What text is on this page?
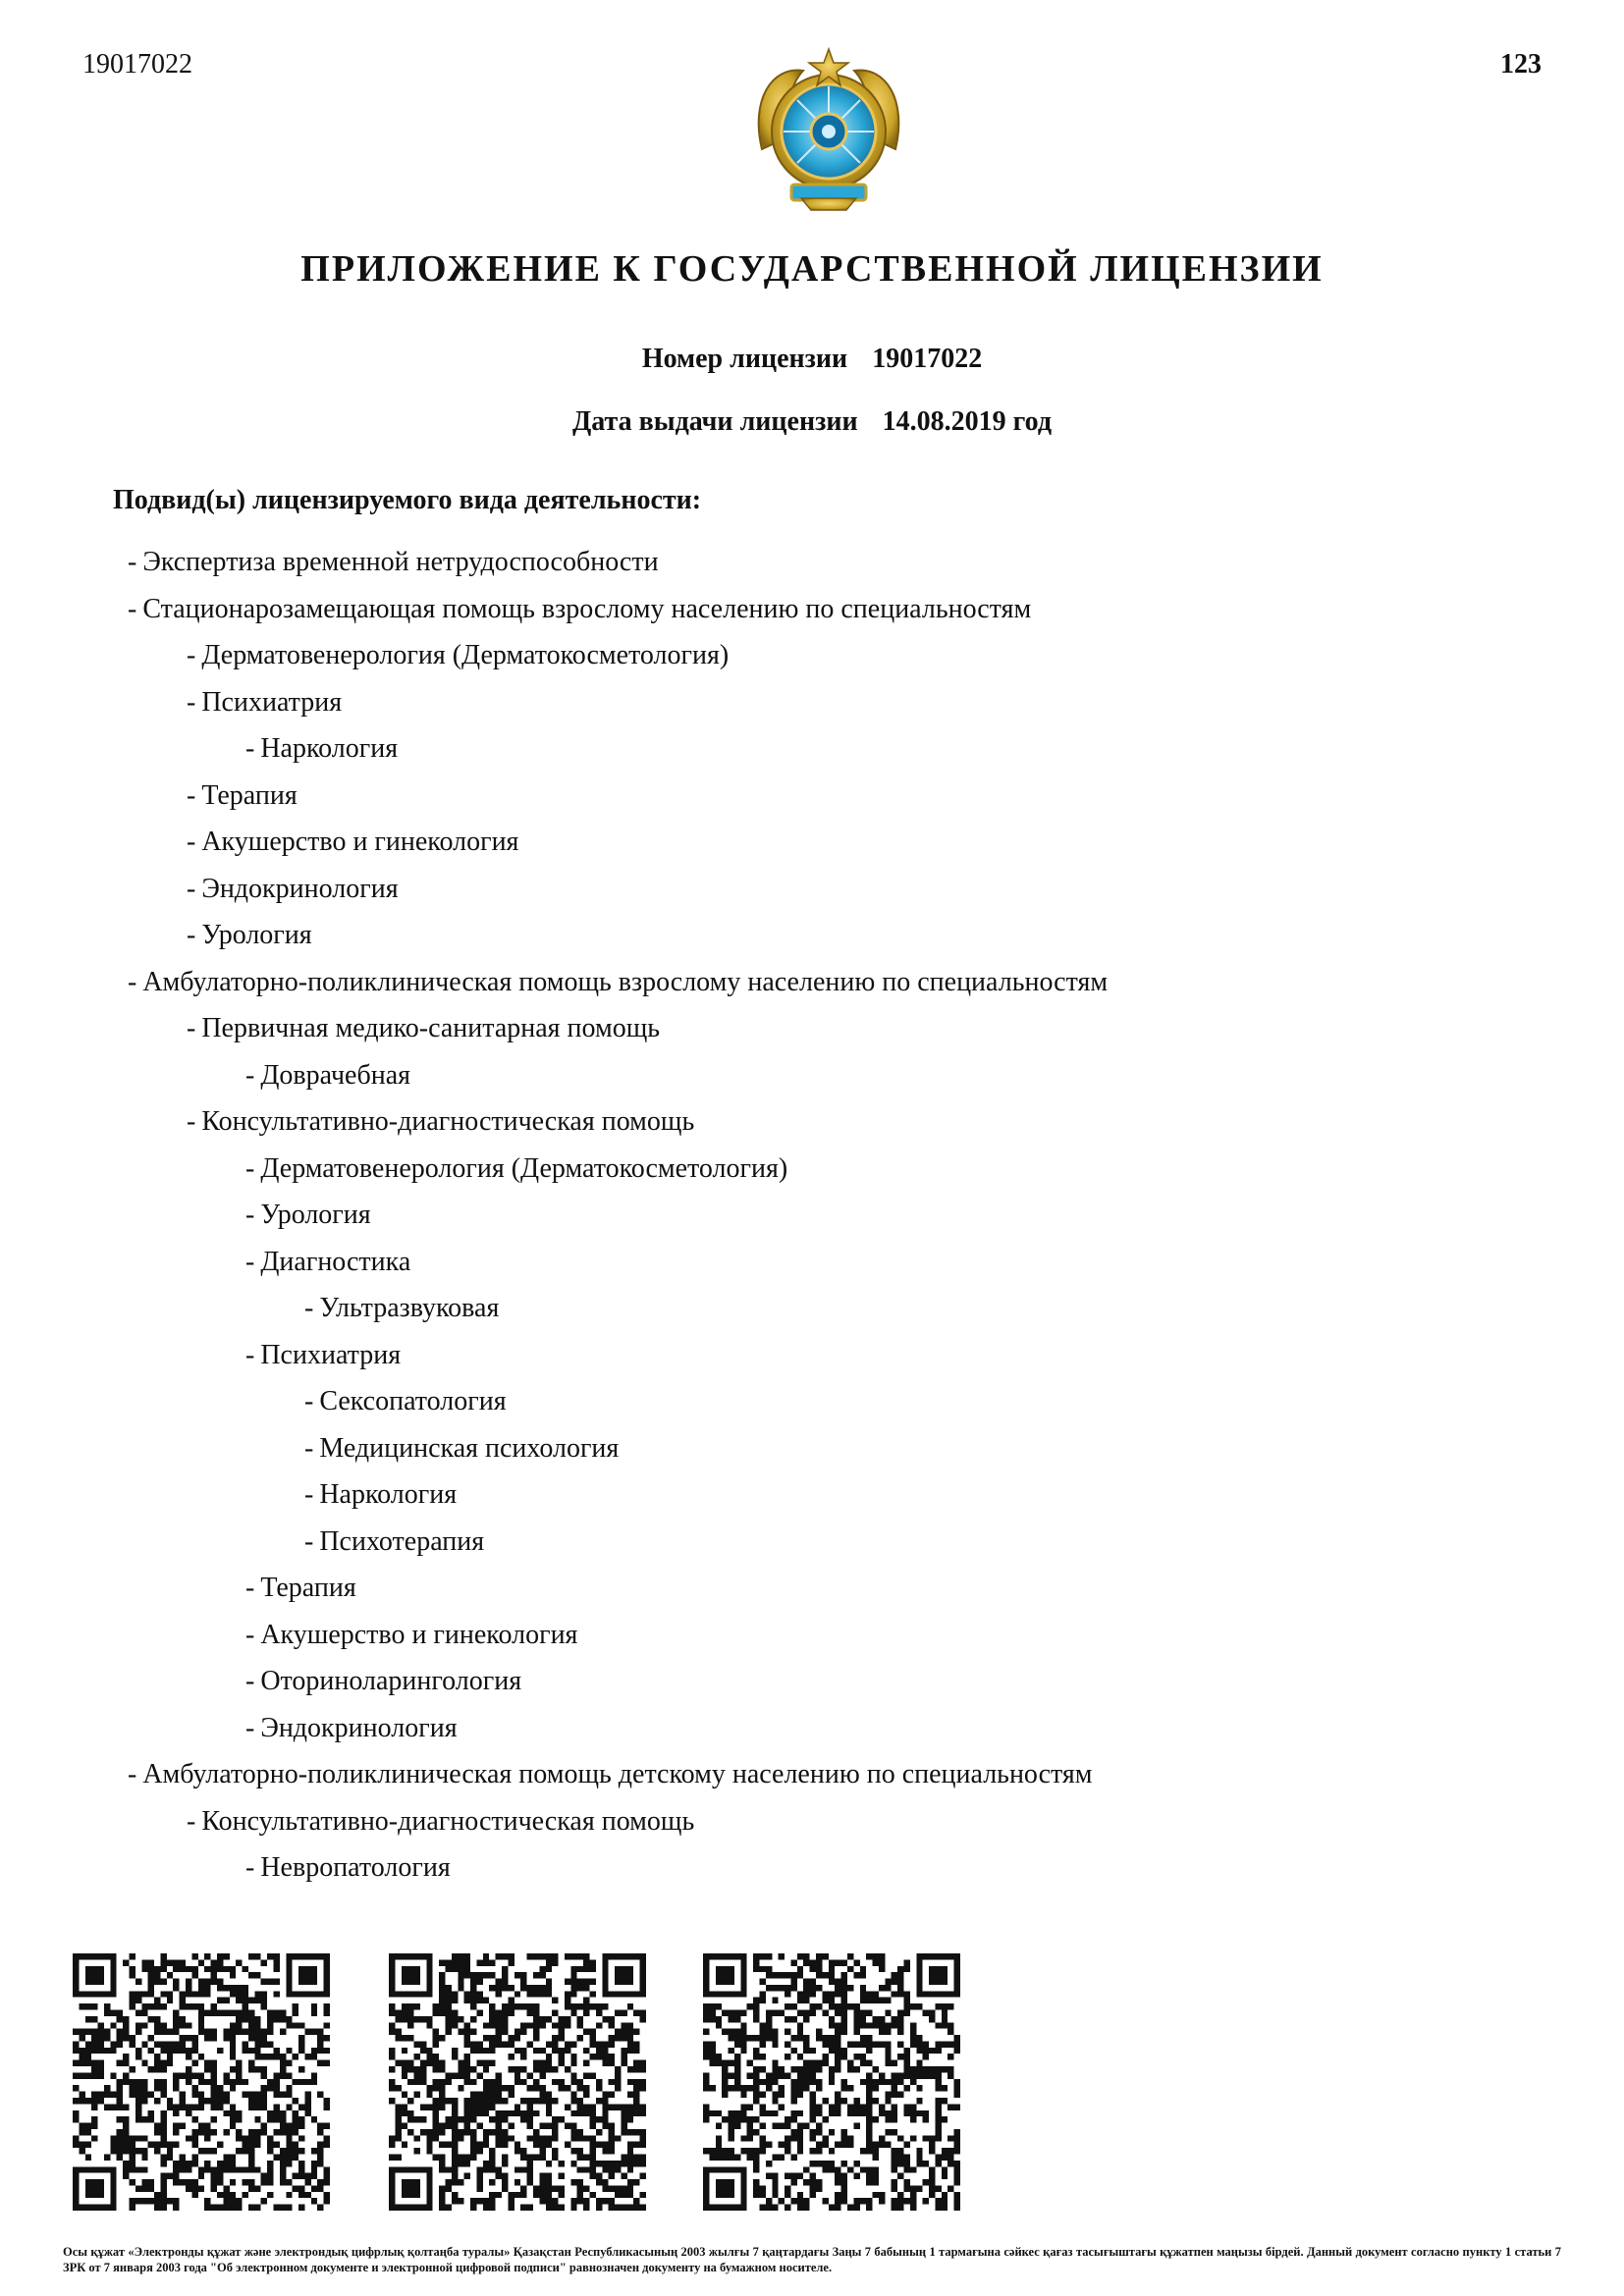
19017022	123
ПРИЛОЖЕНИЕ К ГОСУДАРСТВЕННОЙ ЛИЦЕНЗИИ
Номер лицензии 19017022
Дата выдачи лицензии 14.08.2019 год
Подвид(ы) лицензируемого вида деятельности:
- Экспертиза временной нетрудоспособности
- Стационарозамещающая помощь взрослому населению по специальностям
- Дерматовенерология (Дерматокосметология)
- Психиатрия
- Наркология
- Терапия
- Акушерство и гинекология
- Эндокринология
- Урология
- Амбулаторно-поликлиническая помощь взрослому населению по специальностям
- Первичная медико-санитарная помощь
- Доврачебная
- Консультативно-диагностическая помощь
- Дерматовенерология (Дерматокосметология)
- Урология
- Диагностика
- Ультразвуковая
- Психиатрия
- Сексопатология
- Медицинская психология
- Наркология
- Психотерапия
- Терапия
- Акушерство и гинекология
- Оториноларингология
- Эндокринология
- Амбулаторно-поликлиническая помощь детскому населению по специальностям
- Консультативно-диагностическая помощь
- Невропатология
Осы құжат «Электронды құжат және электрондық цифрлық қолтаңба туралы» Қазақстан Республикасының 2003 жылғы 7 қаңтардағы Заңы 7 бабының 1 тармағына сәйкес қағаз тасығыштағы құжатпен маңызы бірдей. Данный документ согласно пункту 1 статьи 7 ЗРК от 7 января 2003 года "Об электронном документе и электронной цифровой подписи" равнозначен документу на бумажном носителе.
